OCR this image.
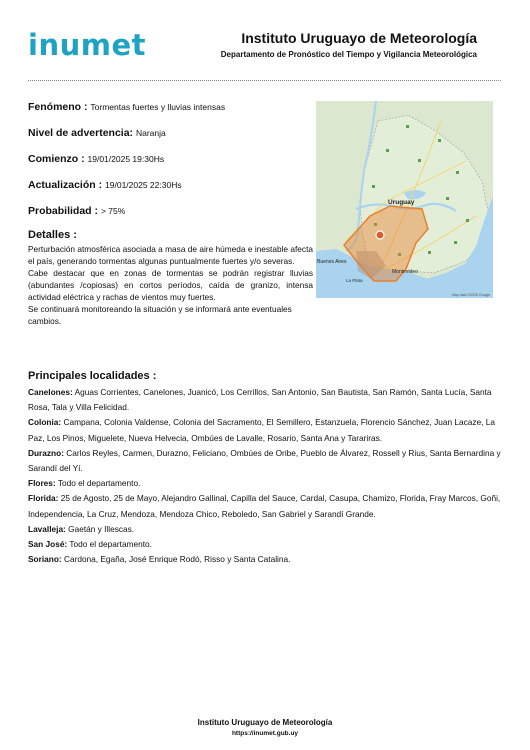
inumet	Instituto Uruguayo de Meteorología
Departamento de Pronóstico del Tiempo y Vigilancia Meteorológica
Fenómeno : Tormentas fuertes y lluvias intensas
Nivel de advertencia: Naranja
Comienzo : 19/01/2025 19:30Hs
Actualización : 19/01/2025 22:30Hs
Probabilidad : > 75%
Detalles :

Perturbación atmosférica asociada a masa de aire húmeda e inestable afecta el país, generando tormentas algunas puntualmente fuertes y/o severas.

Cabe destacar que en zonas de tormentas se podrán registrar lluvias (abundantes /copiosas) en cortos períodos, caída de granizo, intensa actividad eléctrica y rachas de vientos muy fuertes.

Se continuará monitoreando la situación y se informará ante eventuales cambios.

Uruguay
Buenos Aires
Montevideo
La Plata
Map data ©2025 Google
Principales localidades :

Canelones: Aguas Corrientes, Canelones, Juanicó, Los Cerrillos, San Antonio, San Bautista, San Ramón, Santa Lucía, Santa Rosa, Tala y Villa Felicidad.

Colonia: Campana, Colonia Valdense, Colonia del Sacramento, El Semillero, Estanzuela, Florencio Sánchez, Juan Lacaze, La Paz, Los Pinos, Miguelete, Nueva Helvecia, Ombúes de Lavalle, Rosario, Santa Ana y Tarariras.

Durazno: Carlos Reyles, Carmen, Durazno, Feliciano, Ombúes de Oribe, Pueblo de Álvarez, Rossell y Rius, Santa Bernardina y Sarandí del Yí.

Flores: Todo el departamento.

Florida: 25 de Agosto, 25 de Mayo, Alejandro Gallinal, Capilla del Sauce, Cardal, Casupa, Chamizo, Florida, Fray Marcos, Goñi, Independencia, La Cruz, Mendoza, Mendoza Chico, Reboledo, San Gabriel y Sarandí Grande.

Lavalleja: Gaetán y Illescas.

San José: Todo el departamento.

Soriano: Cardona, Egaña, José Enrique Rodó, Risso y Santa Catalina.

Instituto Uruguayo de Meteorología
https://inumet.gub.uy
